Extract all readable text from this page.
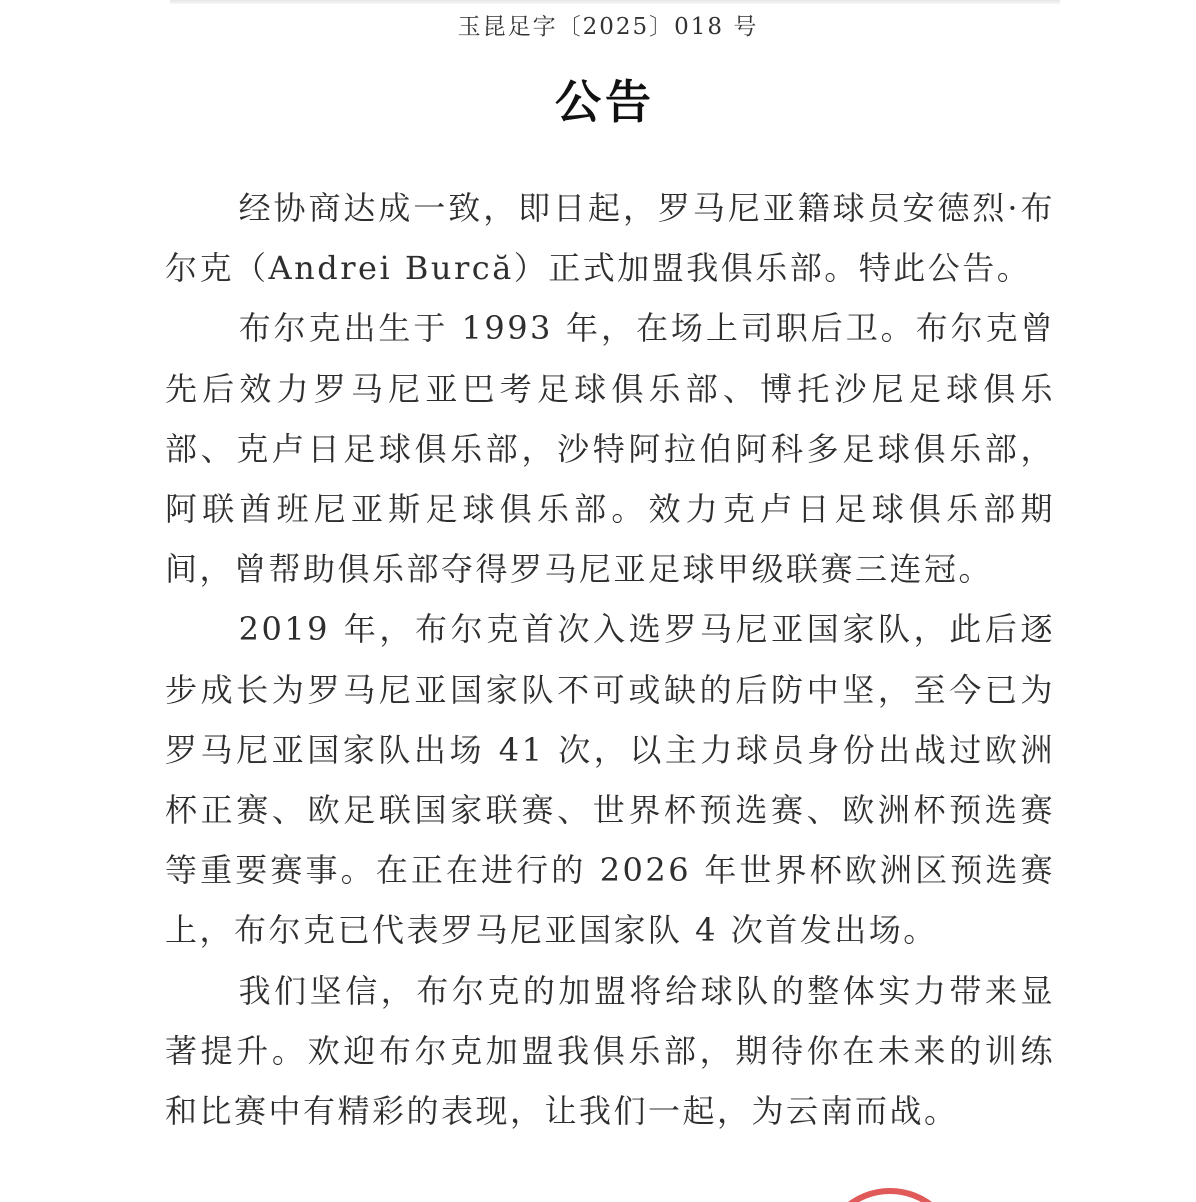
玉昆足字〔2025〕018 号
公告

经协商达成一致，即日起，罗马尼亚籍球员安德烈·布尔克（Andrei Burcă）正式加盟我俱乐部。特此公告。

布尔克出生于 1993 年，在场上司职后卫。布尔克曾先后效力罗马尼亚巴考足球俱乐部、博托沙尼足球俱乐部、克卢日足球俱乐部，沙特阿拉伯阿科多足球俱乐部，阿联酋班尼亚斯足球俱乐部。效力克卢日足球俱乐部期间，曾帮助俱乐部夺得罗马尼亚足球甲级联赛三连冠。

2019 年，布尔克首次入选罗马尼亚国家队，此后逐步成长为罗马尼亚国家队不可或缺的后防中坚，至今已为罗马尼亚国家队出场 41 次，以主力球员身份出战过欧洲杯正赛、欧足联国家联赛、世界杯预选赛、欧洲杯预选赛等重要赛事。在正在进行的 2026 年世界杯欧洲区预选赛上，布尔克已代表罗马尼亚国家队 4 次首发出场。

我们坚信，布尔克的加盟将给球队的整体实力带来显著提升。欢迎布尔克加盟我俱乐部，期待你在未来的训练和比赛中有精彩的表现，让我们一起，为云南而战。
